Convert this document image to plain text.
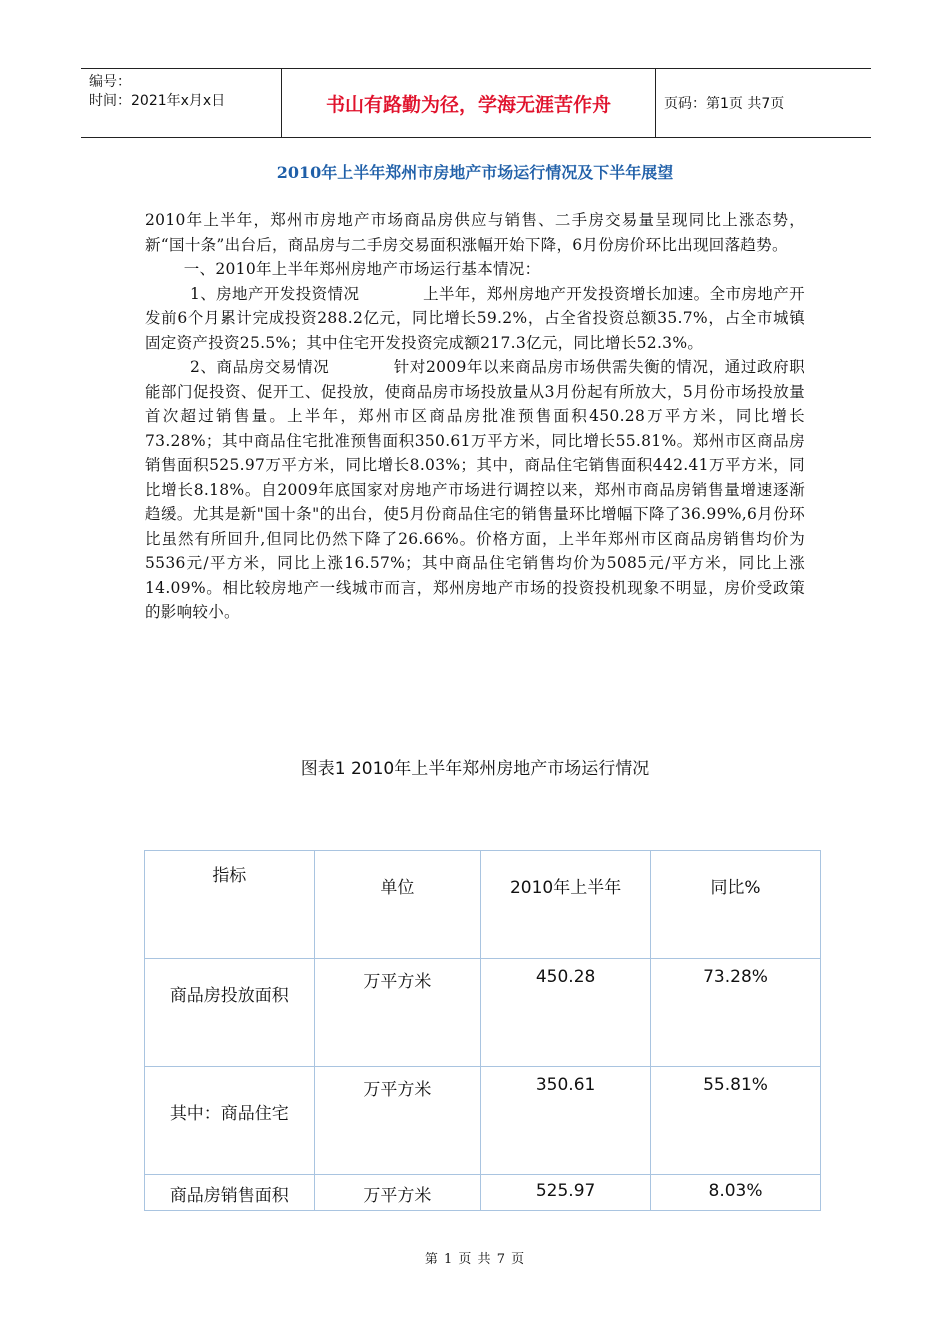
编号：
时间：2021年x月x日	书山有路勤为径，学海无涯苦作舟	页码：第1页 共7页
2010年上半年郑州市房地产市场运行情况及下半年展望

2010年上半年，郑州市房地产市场商品房供应与销售、二手房交易量呈现同比上涨态势，新“国十条”出台后，商品房与二手房交易面积涨幅开始下降，6月份房价环比出现回落趋势。

一、2010年上半年郑州房地产市场运行基本情况：

1、房地产开发投资情况　　　　上半年，郑州房地产开发投资增长加速。全市房地产开发前6个月累计完成投资288.2亿元，同比增长59.2%，占全省投资总额35.7%，占全市城镇固定资产投资25.5%；其中住宅开发投资完成额217.3亿元，同比增长52.3%。

2、商品房交易情况　　　　针对2009年以来商品房市场供需失衡的情况，通过政府职能部门促投资、促开工、促投放，使商品房市场投放量从3月份起有所放大，5月份市场投放量首次超过销售量。上半年，郑州市区商品房批准预售面积450.28万平方米，同比增长73.28%；其中商品住宅批准预售面积350.61万平方米，同比增长55.81%。郑州市区商品房销售面积525.97万平方米，同比增长8.03%；其中，商品住宅销售面积442.41万平方米，同比增长8.18%。自2009年底国家对房地产市场进行调控以来，郑州市商品房销售量增速逐渐趋缓。尤其是新"国十条"的出台，使5月份商品住宅的销售量环比增幅下降了36.99%,6月份环比虽然有所回升,但同比仍然下降了26.66%。价格方面，上半年郑州市区商品房销售均价为5536元/平方米，同比上涨16.57%；其中商品住宅销售均价为5085元/平方米，同比上涨14.09%。相比较房地产一线城市而言，郑州房地产市场的投资投机现象不明显，房价受政策的影响较小。

图表1 2010年上半年郑州房地产市场运行情况
指标	单位	2010年上半年	同比%

商品房投放面积	万平方米	450.28	73.28%

其中：商品住宅	万平方米	350.61	55.81%

商品房销售面积	万平方米	525.97	8.03%
第 1 页 共 7 页
